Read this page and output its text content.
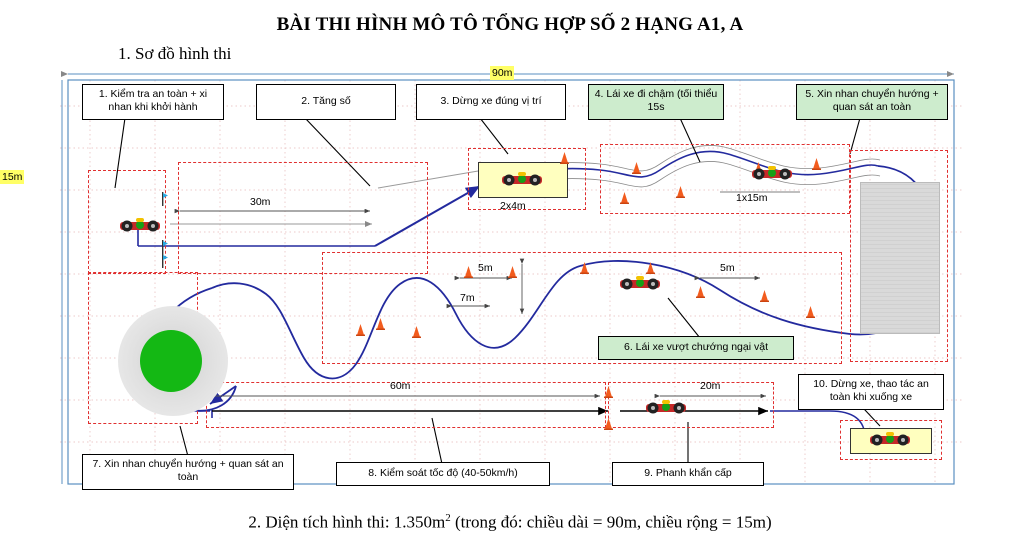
BÀI THI HÌNH MÔ TÔ TỔNG HỢP SỐ 2 HẠNG A1, A
1. Sơ đồ hình thi
90m
15m
30m	2x4m
1x15m
5m	5m
7m
60m	20m
1. Kiểm tra an toàn + xi nhan khi khởi hành	2. Tăng số	3. Dừng xe đúng vị trí
4. Lái xe đi chậm (tối thiểu 15s
5. Xin nhan chuyển hướng + quan sát an toàn
6. Lái xe vượt chướng ngại vật
7. Xin nhan chuyển hướng + quan sát an toàn	8. Kiểm soát tốc độ (40-50km/h)	9. Phanh khẩn cấp
10. Dừng xe, thao tác an toàn khi xuống xe
2. Diện tích hình thi: $1.350m^2$ (trong đó: chiều dài = 90m, chiều rộng = 15m)
